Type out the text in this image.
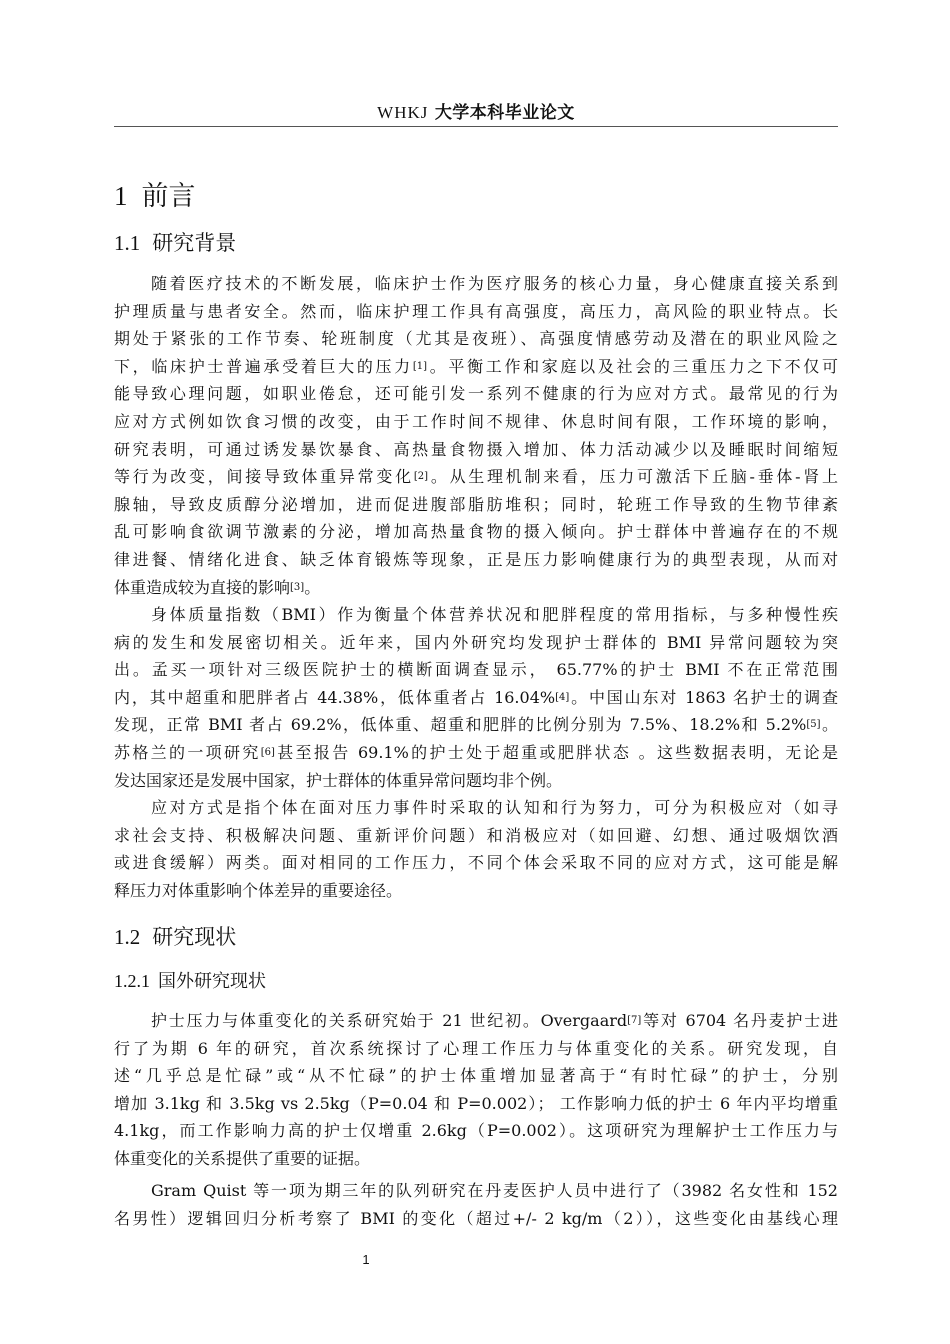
WHKJ 大学本科毕业论文
1 前言
1.1 研究背景
随着医疗技术的不断发展，临床护士作为医疗服务的核心力量，身心健康直接关系到
护理质量与患者安全。然而，临床护理工作具有高强度，高压力，高风险的职业特点。长
期处于紧张的工作节奏、轮班制度（尤其是夜班）、高强度情感劳动及潜在的职业风险之
下，临床护士普遍承受着巨大的压力[1]。平衡工作和家庭以及社会的三重压力之下不仅可
能导致心理问题，如职业倦怠，还可能引发一系列不健康的行为应对方式。最常见的行为
应对方式例如饮食习惯的改变，由于工作时间不规律、休息时间有限，工作环境的影响，
研究表明，可通过诱发暴饮暴食、高热量食物摄入增加、体力活动减少以及睡眠时间缩短
等行为改变，间接导致体重异常变化[2]。从生理机制来看，压力可激活下丘脑-垂体-肾上
腺轴，导致皮质醇分泌增加，进而促进腹部脂肪堆积；同时，轮班工作导致的生物节律紊
乱可影响食欲调节激素的分泌，增加高热量食物的摄入倾向。护士群体中普遍存在的不规
律进餐、情绪化进食、缺乏体育锻炼等现象，正是压力影响健康行为的典型表现，从而对
体重造成较为直接的影响[3]。
身体质量指数（BMI）作为衡量个体营养状况和肥胖程度的常用指标，与多种慢性疾
病的发生和发展密切相关。近年来，国内外研究均发现护士群体的 BMI 异常问题较为突
出。孟买一项针对三级医院护士的横断面调查显示， 65.77%的护士 BMI 不在正常范围
内，其中超重和肥胖者占 44.38%，低体重者占 16.04%[4]。中国山东对 1863 名护士的调查
发现，正常 BMI 者占 69.2%，低体重、超重和肥胖的比例分别为 7.5%、18.2%和 5.2%[5]。
苏格兰的一项研究[6]甚至报告 69.1%的护士处于超重或肥胖状态 。这些数据表明，无论是
发达国家还是发展中国家，护士群体的体重异常问题均非个例。
应对方式是指个体在面对压力事件时采取的认知和行为努力，可分为积极应对（如寻
求社会支持、积极解决问题、重新评价问题）和消极应对（如回避、幻想、通过吸烟饮酒
或进食缓解）两类。面对相同的工作压力，不同个体会采取不同的应对方式，这可能是解
释压力对体重影响个体差异的重要途径。
1.2 研究现状
1.2.1 国外研究现状
护士压力与体重变化的关系研究始于 21 世纪初。Overgaard[7]等对 6704 名丹麦护士进
行了为期 6 年的研究，首次系统探讨了心理工作压力与体重变化的关系。研究发现，自
述“几乎总是忙碌”或“从不忙碌”的护士体重增加显著高于“有时忙碌”的护士，分别
增加 3.1kg 和 3.5kg vs 2.5kg（P=0.04 和 P=0.002）； 工作影响力低的护士 6 年内平均增重
4.1kg，而工作影响力高的护士仅增重 2.6kg（P=0.002）。这项研究为理解护士工作压力与
体重变化的关系提供了重要的证据。
Gram Quist 等一项为期三年的队列研究在丹麦医护人员中进行了（3982 名女性和 152
名男性）逻辑回归分析考察了 BMI 的变化（超过+/- 2 kg/m（2）），这些变化由基线心理
1
